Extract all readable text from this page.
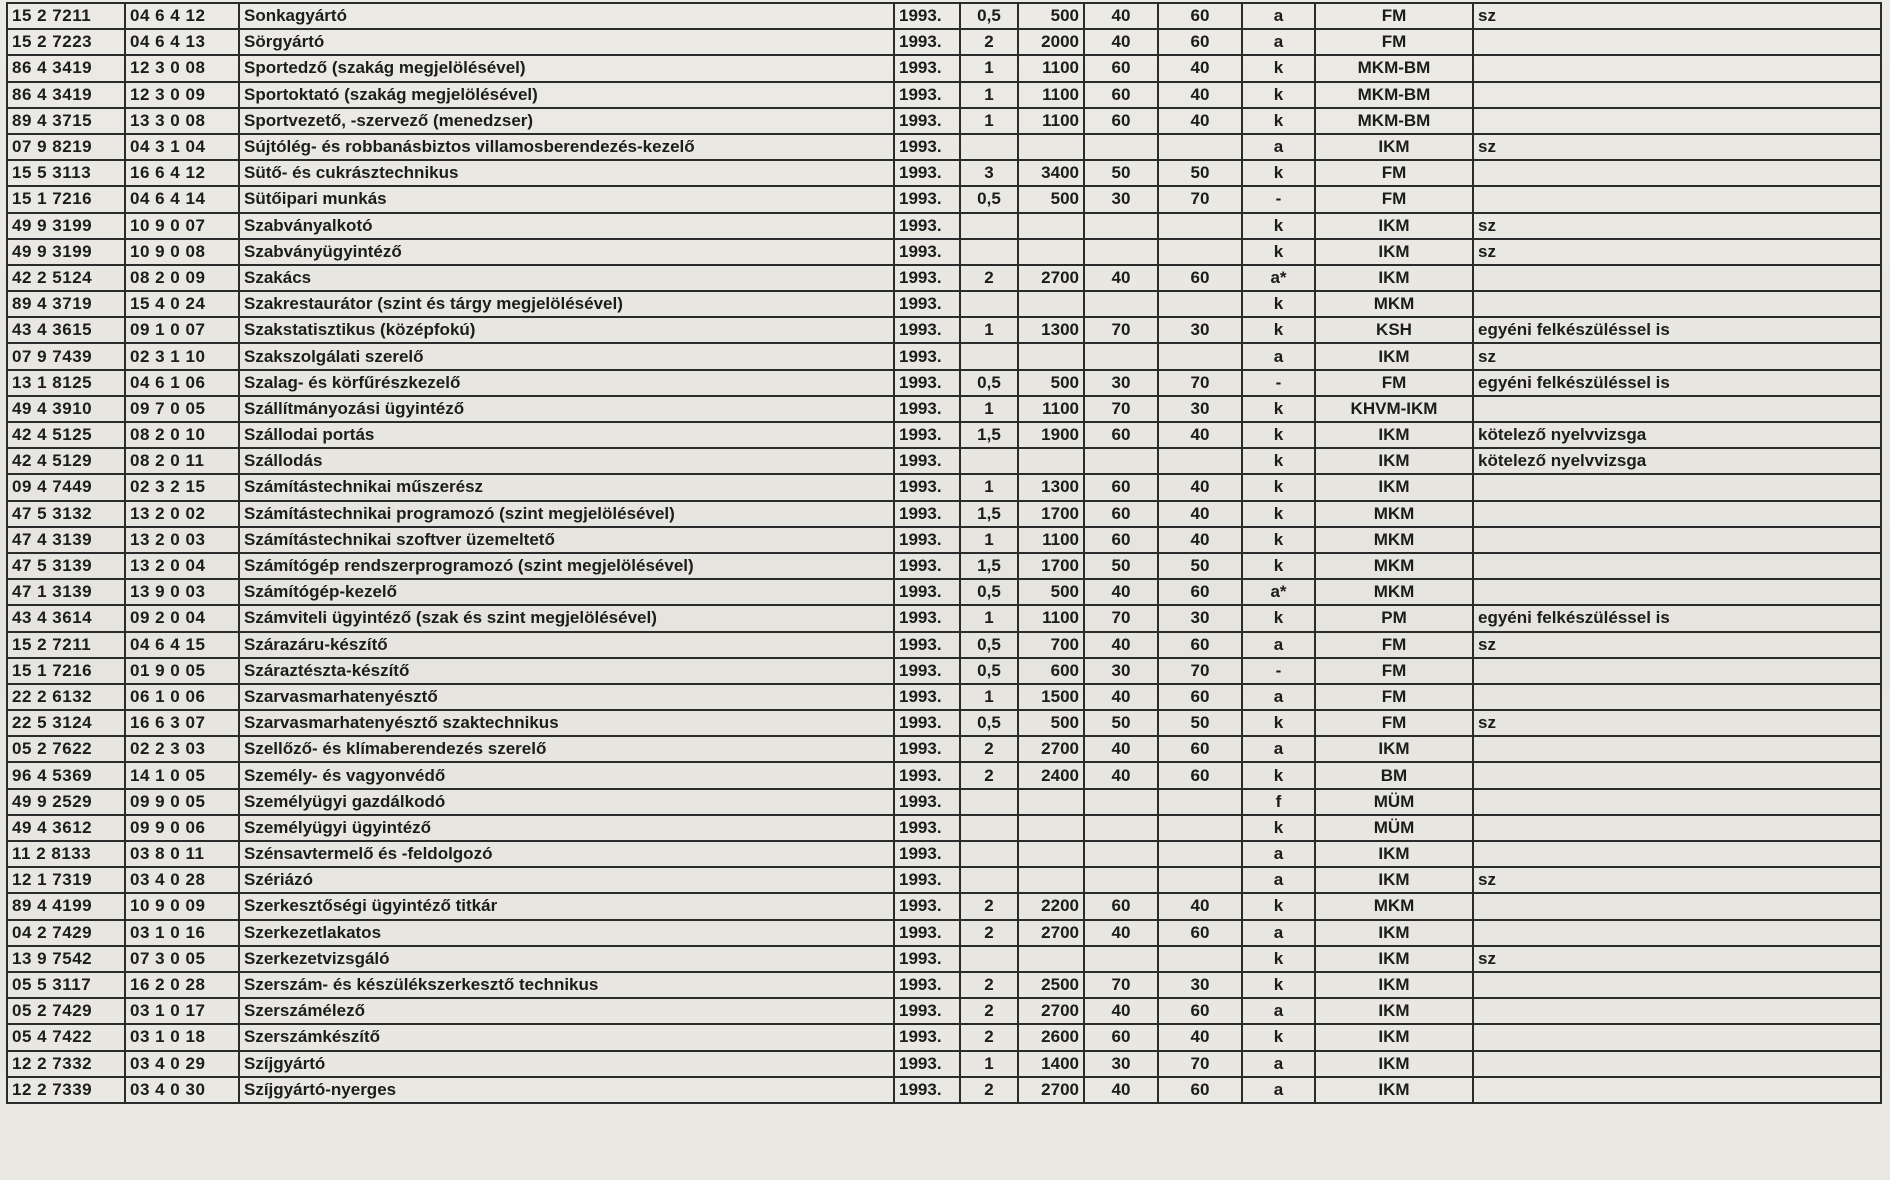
15 2 7211	04 6 4 12	Sonkagyártó		1993.	0,5	500	40	60	a	FM	sz
15 2 7223	04 6 4 13	Sörgyártó		1993.	2	2000	40	60	a	FM	
86 4 3419	12 3 0 08	Sportedző (szakág megjelölésével)		1993.	1	1100	60	40	k	MKM-BM	
86 4 3419	12 3 0 09	Sportoktató (szakág megjelölésével)		1993.	1	1100	60	40	k	MKM-BM	
89 4 3715	13 3 0 08	Sportvezető, -szervező (menedzser)		1993.	1	1100	60	40	k	MKM-BM	
07 9 8219	04 3 1 04	Sújtólég- és robbanásbiztos villamosberendezés-kezelő		1993.					a	IKM	sz
15 5 3113	16 6 4 12	Sütő- és cukrásztechnikus		1993.	3	3400	50	50	k	FM	
15 1 7216	04 6 4 14	Sütőipari munkás		1993.	0,5	500	30	70	-	FM	
49 9 3199	10 9 0 07	Szabványalkotó		1993.					k	IKM	sz
49 9 3199	10 9 0 08	Szabványügyintéző		1993.					k	IKM	sz
42 2 5124	08 2 0 09	Szakács		1993.	2	2700	40	60	a*	IKM	
89 4 3719	15 4 0 24	Szakrestaurátor (szint és tárgy megjelölésével)		1993.					k	MKM	
43 4 3615	09 1 0 07	Szakstatisztikus (középfokú)		1993.	1	1300	70	30	k	KSH	egyéni felkészüléssel is
07 9 7439	02 3 1 10	Szakszolgálati szerelő		1993.					a	IKM	sz
13 1 8125	04 6 1 06	Szalag- és körfűrészkezelő		1993.	0,5	500	30	70	-	FM	egyéni felkészüléssel is
49 4 3910	09 7 0 05	Szállítmányozási ügyintéző		1993.	1	1100	70	30	k	KHVM-IKM	
42 4 5125	08 2 0 10	Szállodai portás		1993.	1,5	1900	60	40	k	IKM	kötelező nyelvvizsga
42 4 5129	08 2 0 11	Szállodás		1993.					k	IKM	kötelező nyelvvizsga
09 4 7449	02 3 2 15	Számítástechnikai műszerész		1993.	1	1300	60	40	k	IKM	
47 5 3132	13 2 0 02	Számítástechnikai programozó (szint megjelölésével)		1993.	1,5	1700	60	40	k	MKM	
47 4 3139	13 2 0 03	Számítástechnikai szoftver üzemeltető		1993.	1	1100	60	40	k	MKM	
47 5 3139	13 2 0 04	Számítógép rendszerprogramozó (szint megjelölésével)		1993.	1,5	1700	50	50	k	MKM	
47 1 3139	13 9 0 03	Számítógép-kezelő		1993.	0,5	500	40	60	a*	MKM	
43 4 3614	09 2 0 04	Számviteli ügyintéző (szak és szint megjelölésével)		1993.	1	1100	70	30	k	PM	egyéni felkészüléssel is
15 2 7211	04 6 4 15	Szárazáru-készítő		1993.	0,5	700	40	60	a	FM	sz
15 1 7216	01 9 0 05	Száraztészta-készítő		1993.	0,5	600	30	70	-	FM	
22 2 6132	06 1 0 06	Szarvasmarhatenyésztő		1993.	1	1500	40	60	a	FM	
22 5 3124	16 6 3 07	Szarvasmarhatenyésztő szaktechnikus		1993.	0,5	500	50	50	k	FM	sz
05 2 7622	02 2 3 03	Szellőző- és klímaberendezés szerelő		1993.	2	2700	40	60	a	IKM	
96 4 5369	14 1 0 05	Személy- és vagyonvédő		1993.	2	2400	40	60	k	BM	
49 9 2529	09 9 0 05	Személyügyi gazdálkodó		1993.					f	MÜM	
49 4 3612	09 9 0 06	Személyügyi ügyintéző		1993.					k	MÜM	
11 2 8133	03 8 0 11	Szénsavtermelő és -feldolgozó		1993.					a	IKM	
12 1 7319	03 4 0 28	Szériázó		1993.					a	IKM	sz
89 4 4199	10 9 0 09	Szerkesztőségi ügyintéző titkár		1993.	2	2200	60	40	k	MKM	
04 2 7429	03 1 0 16	Szerkezetlakatos		1993.	2	2700	40	60	a	IKM	
13 9 7542	07 3 0 05	Szerkezetvizsgáló		1993.					k	IKM	sz
05 5 3117	16 2 0 28	Szerszám- és készülékszerkesztő technikus		1993.	2	2500	70	30	k	IKM	
05 2 7429	03 1 0 17	Szerszámélező		1993.	2	2700	40	60	a	IKM	
05 4 7422	03 1 0 18	Szerszámkészítő		1993.	2	2600	60	40	k	IKM	
12 2 7332	03 4 0 29	Szíjgyártó		1993.	1	1400	30	70	a	IKM	
12 2 7339	03 4 0 30	Szíjgyártó-nyerges		1993.	2	2700	40	60	a	IKM	
